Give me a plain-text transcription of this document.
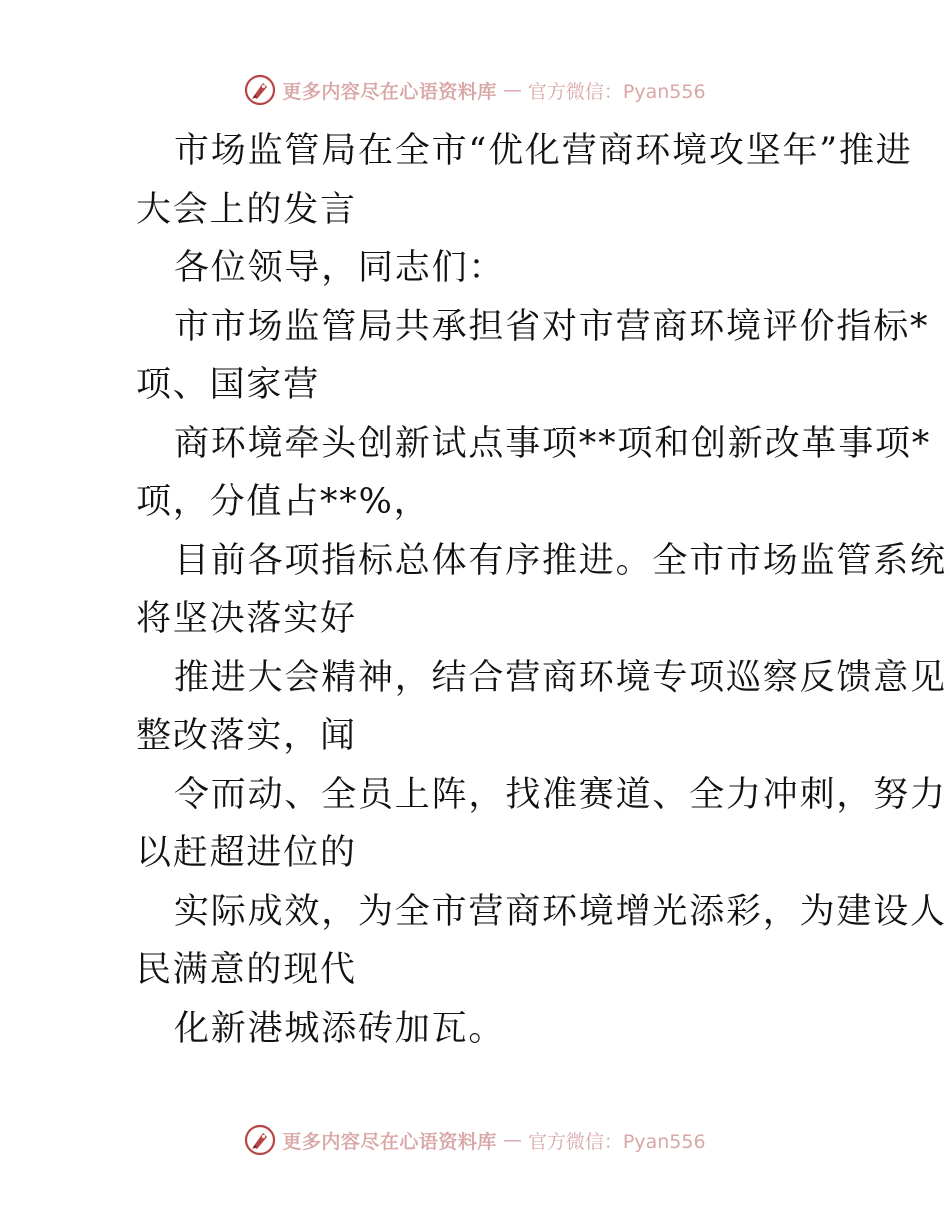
更多内容尽在心语资料库 — 官方微信：Pyan556
市场监管局在全市“优化营商环境攻坚年”推进
大会上的发言
各位领导，同志们：
市市场监管局共承担省对市营商环境评价指标*
项、国家营
商环境牵头创新试点事项**项和创新改革事项*
项，分值占**%，
目前各项指标总体有序推进。全市市场监管系统
将坚决落实好
推进大会精神，结合营商环境专项巡察反馈意见
整改落实，闻
令而动、全员上阵，找准赛道、全力冲刺，努力
以赶超进位的
实际成效，为全市营商环境增光添彩，为建设人
民满意的现代
化新港城添砖加瓦。
更多内容尽在心语资料库 — 官方微信：Pyan556
